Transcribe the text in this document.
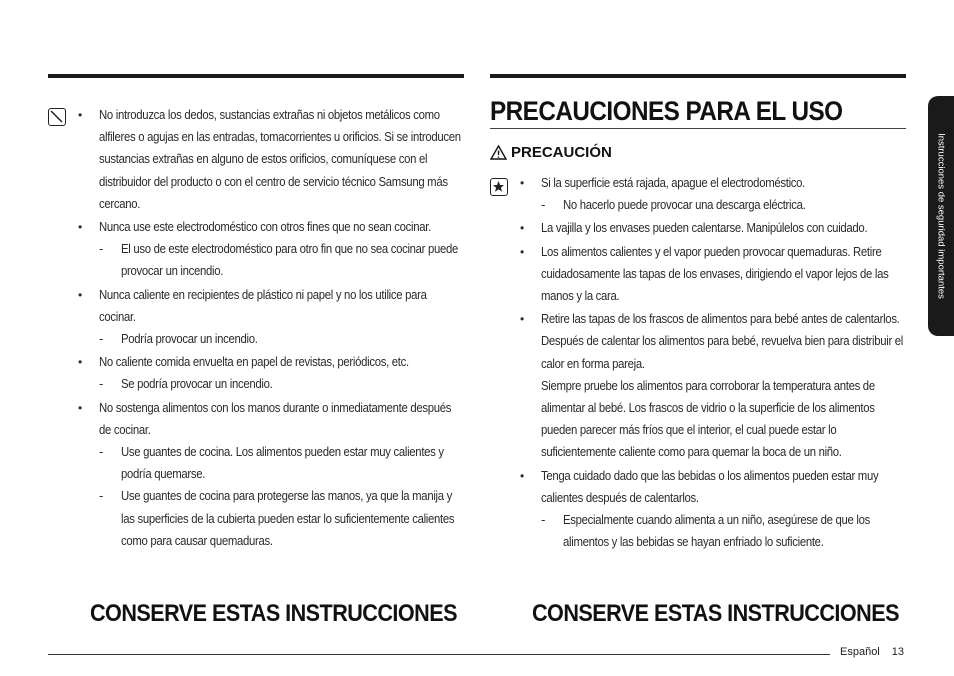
• No introduzca los dedos, sustancias extrañas ni objetos metálicos como alfileres o agujas en las entradas, tomacorrientes u orificios. Si se introducen sustancias extrañas en alguno de estos orificios, comuníquese con el distribuidor del producto o con el centro de servicio técnico Samsung más cercano.
• Nunca use este electrodoméstico con otros fines que no sean cocinar.
- El uso de este electrodoméstico para otro fin que no sea cocinar puede provocar un incendio.
• Nunca caliente en recipientes de plástico ni papel y no los utilice para cocinar.
- Podría provocar un incendio.
• No caliente comida envuelta en papel de revistas, periódicos, etc.
- Se podría provocar un incendio.
• No sostenga alimentos con los manos durante o inmediatamente después de cocinar.
- Use guantes de cocina. Los alimentos pueden estar muy calientes y podría quemarse.
- Use guantes de cocina para protegerse las manos, ya que la manija y las superficies de la cubierta pueden estar lo suficientemente calientes como para causar quemaduras.
CONSERVE ESTAS INSTRUCCIONES
PRECAUCIONES PARA EL USO
PRECAUCIÓN
• Si la superficie está rajada, apague el electrodoméstico.
- No hacerlo puede provocar una descarga eléctrica.
• La vajilla y los envases pueden calentarse. Manipúlelos con cuidado.
• Los alimentos calientes y el vapor pueden provocar quemaduras. Retire cuidadosamente las tapas de los envases, dirigiendo el vapor lejos de las manos y la cara.
• Retire las tapas de los frascos de alimentos para bebé antes de calentarlos. Después de calentar los alimentos para bebé, revuelva bien para distribuir el calor en forma pareja.
Siempre pruebe los alimentos para corroborar la temperatura antes de alimentar al bebé. Los frascos de vidrio o la superficie de los alimentos pueden parecer más fríos que el interior, el cual puede estar lo suficientemente caliente como para quemar la boca de un niño.
• Tenga cuidado dado que las bebidas o los alimentos pueden estar muy calientes después de calentarlos.
- Especialmente cuando alimenta a un niño, asegúrese de que los alimentos y las bebidas se hayan enfriado lo suficiente.
CONSERVE ESTAS INSTRUCCIONES
Instrucciones de seguridad importantes
Español 13
